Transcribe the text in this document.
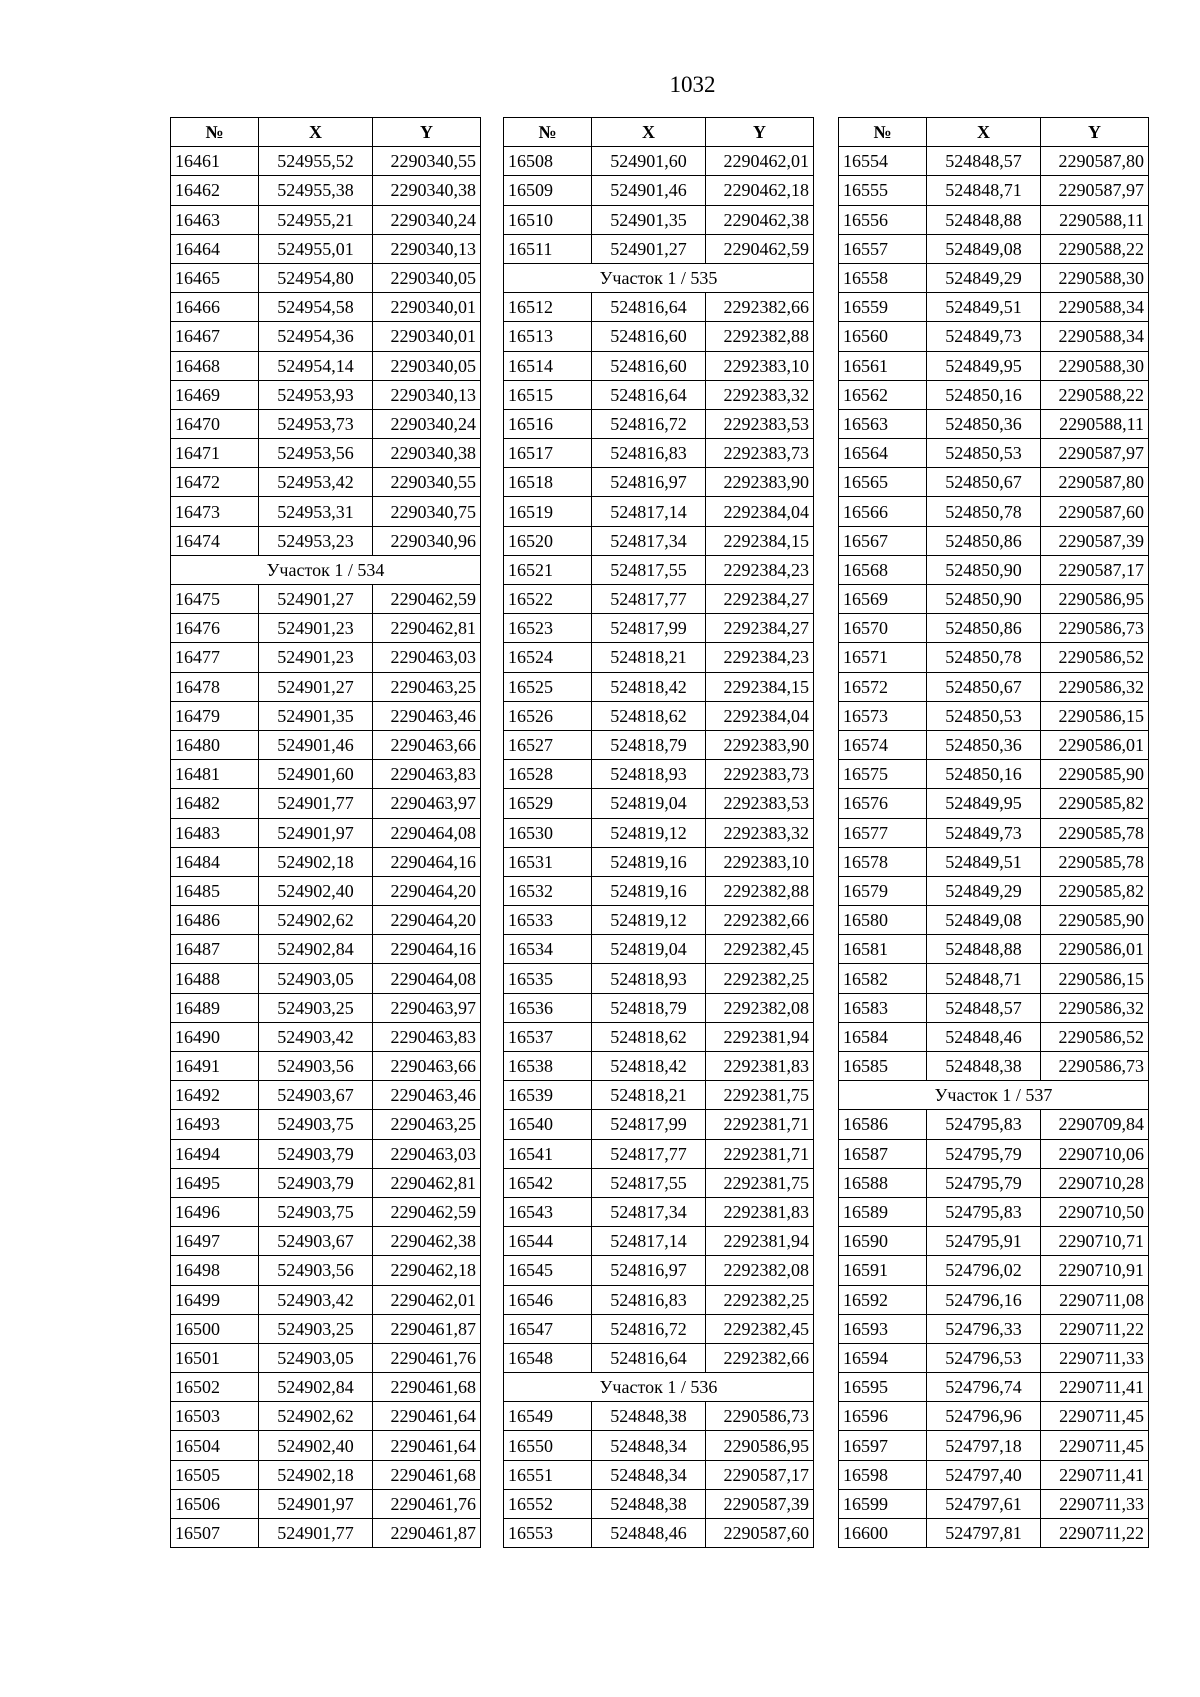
1032
№	X	Y
16461	524955,52	2290340,55
16462	524955,38	2290340,38
16463	524955,21	2290340,24
16464	524955,01	2290340,13
16465	524954,80	2290340,05
16466	524954,58	2290340,01
16467	524954,36	2290340,01
16468	524954,14	2290340,05
16469	524953,93	2290340,13
16470	524953,73	2290340,24
16471	524953,56	2290340,38
16472	524953,42	2290340,55
16473	524953,31	2290340,75
16474	524953,23	2290340,96
Участок 1 / 534		
16475	524901,27	2290462,59
16476	524901,23	2290462,81
16477	524901,23	2290463,03
16478	524901,27	2290463,25
16479	524901,35	2290463,46
16480	524901,46	2290463,66
16481	524901,60	2290463,83
16482	524901,77	2290463,97
16483	524901,97	2290464,08
16484	524902,18	2290464,16
16485	524902,40	2290464,20
16486	524902,62	2290464,20
16487	524902,84	2290464,16
16488	524903,05	2290464,08
16489	524903,25	2290463,97
16490	524903,42	2290463,83
16491	524903,56	2290463,66
16492	524903,67	2290463,46
16493	524903,75	2290463,25
16494	524903,79	2290463,03
16495	524903,79	2290462,81
16496	524903,75	2290462,59
16497	524903,67	2290462,38
16498	524903,56	2290462,18
16499	524903,42	2290462,01
16500	524903,25	2290461,87
16501	524903,05	2290461,76
16502	524902,84	2290461,68
16503	524902,62	2290461,64
16504	524902,40	2290461,64
16505	524902,18	2290461,68
16506	524901,97	2290461,76
16507	524901,77	2290461,87
№	X	Y
16508	524901,60	2290462,01
16509	524901,46	2290462,18
16510	524901,35	2290462,38
16511	524901,27	2290462,59
Участок 1 / 535		
16512	524816,64	2292382,66
16513	524816,60	2292382,88
16514	524816,60	2292383,10
16515	524816,64	2292383,32
16516	524816,72	2292383,53
16517	524816,83	2292383,73
16518	524816,97	2292383,90
16519	524817,14	2292384,04
16520	524817,34	2292384,15
16521	524817,55	2292384,23
16522	524817,77	2292384,27
16523	524817,99	2292384,27
16524	524818,21	2292384,23
16525	524818,42	2292384,15
16526	524818,62	2292384,04
16527	524818,79	2292383,90
16528	524818,93	2292383,73
16529	524819,04	2292383,53
16530	524819,12	2292383,32
16531	524819,16	2292383,10
16532	524819,16	2292382,88
16533	524819,12	2292382,66
16534	524819,04	2292382,45
16535	524818,93	2292382,25
16536	524818,79	2292382,08
16537	524818,62	2292381,94
16538	524818,42	2292381,83
16539	524818,21	2292381,75
16540	524817,99	2292381,71
16541	524817,77	2292381,71
16542	524817,55	2292381,75
16543	524817,34	2292381,83
16544	524817,14	2292381,94
16545	524816,97	2292382,08
16546	524816,83	2292382,25
16547	524816,72	2292382,45
16548	524816,64	2292382,66
Участок 1 / 536		
16549	524848,38	2290586,73
16550	524848,34	2290586,95
16551	524848,34	2290587,17
16552	524848,38	2290587,39
16553	524848,46	2290587,60
№	X	Y
16554	524848,57	2290587,80
16555	524848,71	2290587,97
16556	524848,88	2290588,11
16557	524849,08	2290588,22
16558	524849,29	2290588,30
16559	524849,51	2290588,34
16560	524849,73	2290588,34
16561	524849,95	2290588,30
16562	524850,16	2290588,22
16563	524850,36	2290588,11
16564	524850,53	2290587,97
16565	524850,67	2290587,80
16566	524850,78	2290587,60
16567	524850,86	2290587,39
16568	524850,90	2290587,17
16569	524850,90	2290586,95
16570	524850,86	2290586,73
16571	524850,78	2290586,52
16572	524850,67	2290586,32
16573	524850,53	2290586,15
16574	524850,36	2290586,01
16575	524850,16	2290585,90
16576	524849,95	2290585,82
16577	524849,73	2290585,78
16578	524849,51	2290585,78
16579	524849,29	2290585,82
16580	524849,08	2290585,90
16581	524848,88	2290586,01
16582	524848,71	2290586,15
16583	524848,57	2290586,32
16584	524848,46	2290586,52
16585	524848,38	2290586,73
Участок 1 / 537		
16586	524795,83	2290709,84
16587	524795,79	2290710,06
16588	524795,79	2290710,28
16589	524795,83	2290710,50
16590	524795,91	2290710,71
16591	524796,02	2290710,91
16592	524796,16	2290711,08
16593	524796,33	2290711,22
16594	524796,53	2290711,33
16595	524796,74	2290711,41
16596	524796,96	2290711,45
16597	524797,18	2290711,45
16598	524797,40	2290711,41
16599	524797,61	2290711,33
16600	524797,81	2290711,22
